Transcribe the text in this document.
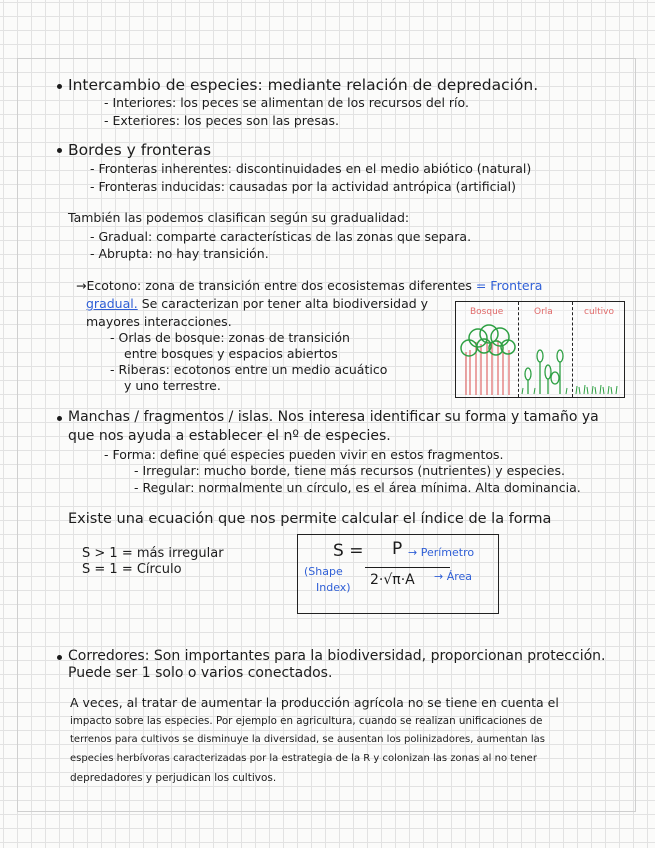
Intercambio de especies: mediante relación de depredación.
- Interiores: los peces se alimentan de los recursos del río.
- Exteriores: los peces son las presas.
Bordes y fronteras
- Fronteras inherentes: discontinuidades en el medio abiótico (natural)
- Fronteras inducidas: causadas por la actividad antrópica (artificial)
También las podemos clasifican según su gradualidad:
- Gradual: comparte características de las zonas que separa.
- Abrupta: no hay transición.
→Ecotono: zona de transición entre dos ecosistemas diferentes = Frontera
gradual. Se caracterizan por tener alta biodiversidad y
mayores interacciones.
- Orlas de bosque: zonas de transición
entre bosques y espacios abiertos
- Riberas: ecotonos entre un medio acuático
y uno terrestre.
Bosque	Orla	cultivo
Manchas / fragmentos / islas. Nos interesa identificar su forma y tamaño ya
que nos ayuda a establecer el nº de especies.
- Forma: define qué especies pueden vivir en estos fragmentos.
- Irregular: mucho borde, tiene más recursos (nutrientes) y especies.
- Regular: normalmente un círculo, es el área mínima. Alta dominancia.
Existe una ecuación que nos permite calcular el índice de la forma
S > 1 = más irregular
S = 1 = Círculo
S = P → Perímetro
2·√π·A → Área
(Shape
Index)
Corredores: Son importantes para la biodiversidad, proporcionan protección.
Puede ser 1 solo o varios conectados.
A veces, al tratar de aumentar la producción agrícola no se tiene en cuenta el
impacto sobre las especies. Por ejemplo en agricultura, cuando se realizan unificaciones de
terrenos para cultivos se disminuye la diversidad, se ausentan los polinizadores, aumentan las
especies herbívoras caracterizadas por la estrategia de la R y colonizan las zonas al no tener
depredadores y perjudican los cultivos.
